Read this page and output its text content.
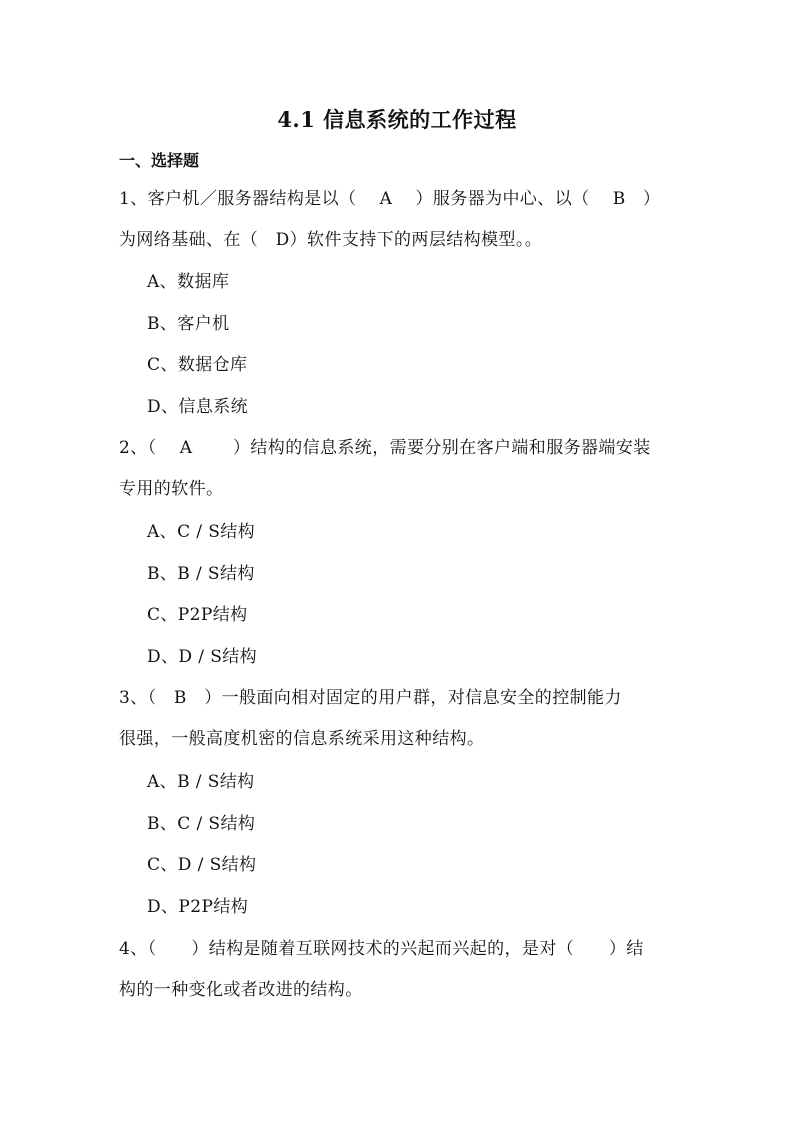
4.1 信息系统的工作过程
一、选择题

1、客户机／服务器结构是以（　 A　 ）服务器为中心、以（　 B　）

为网络基础、在（　D）软件支持下的两层结构模型。。

A、数据库
B、客户机
C、数据仓库
D、信息系统

2、（　 A　　 ）结构的信息系统，需要分别在客户端和服务器端安装

专用的软件。

A、C / S结构
B、B / S结构
C、P2P结构
D、D / S结构

3、（　B　）一般面向相对固定的用户群，对信息安全的控制能力

很强，一般高度机密的信息系统采用这种结构。

A、B / S结构
B、C / S结构
C、D / S结构
D、P2P结构

4、（　　）结构是随着互联网技术的兴起而兴起的，是对（　　）结

构的一种变化或者改进的结构。
